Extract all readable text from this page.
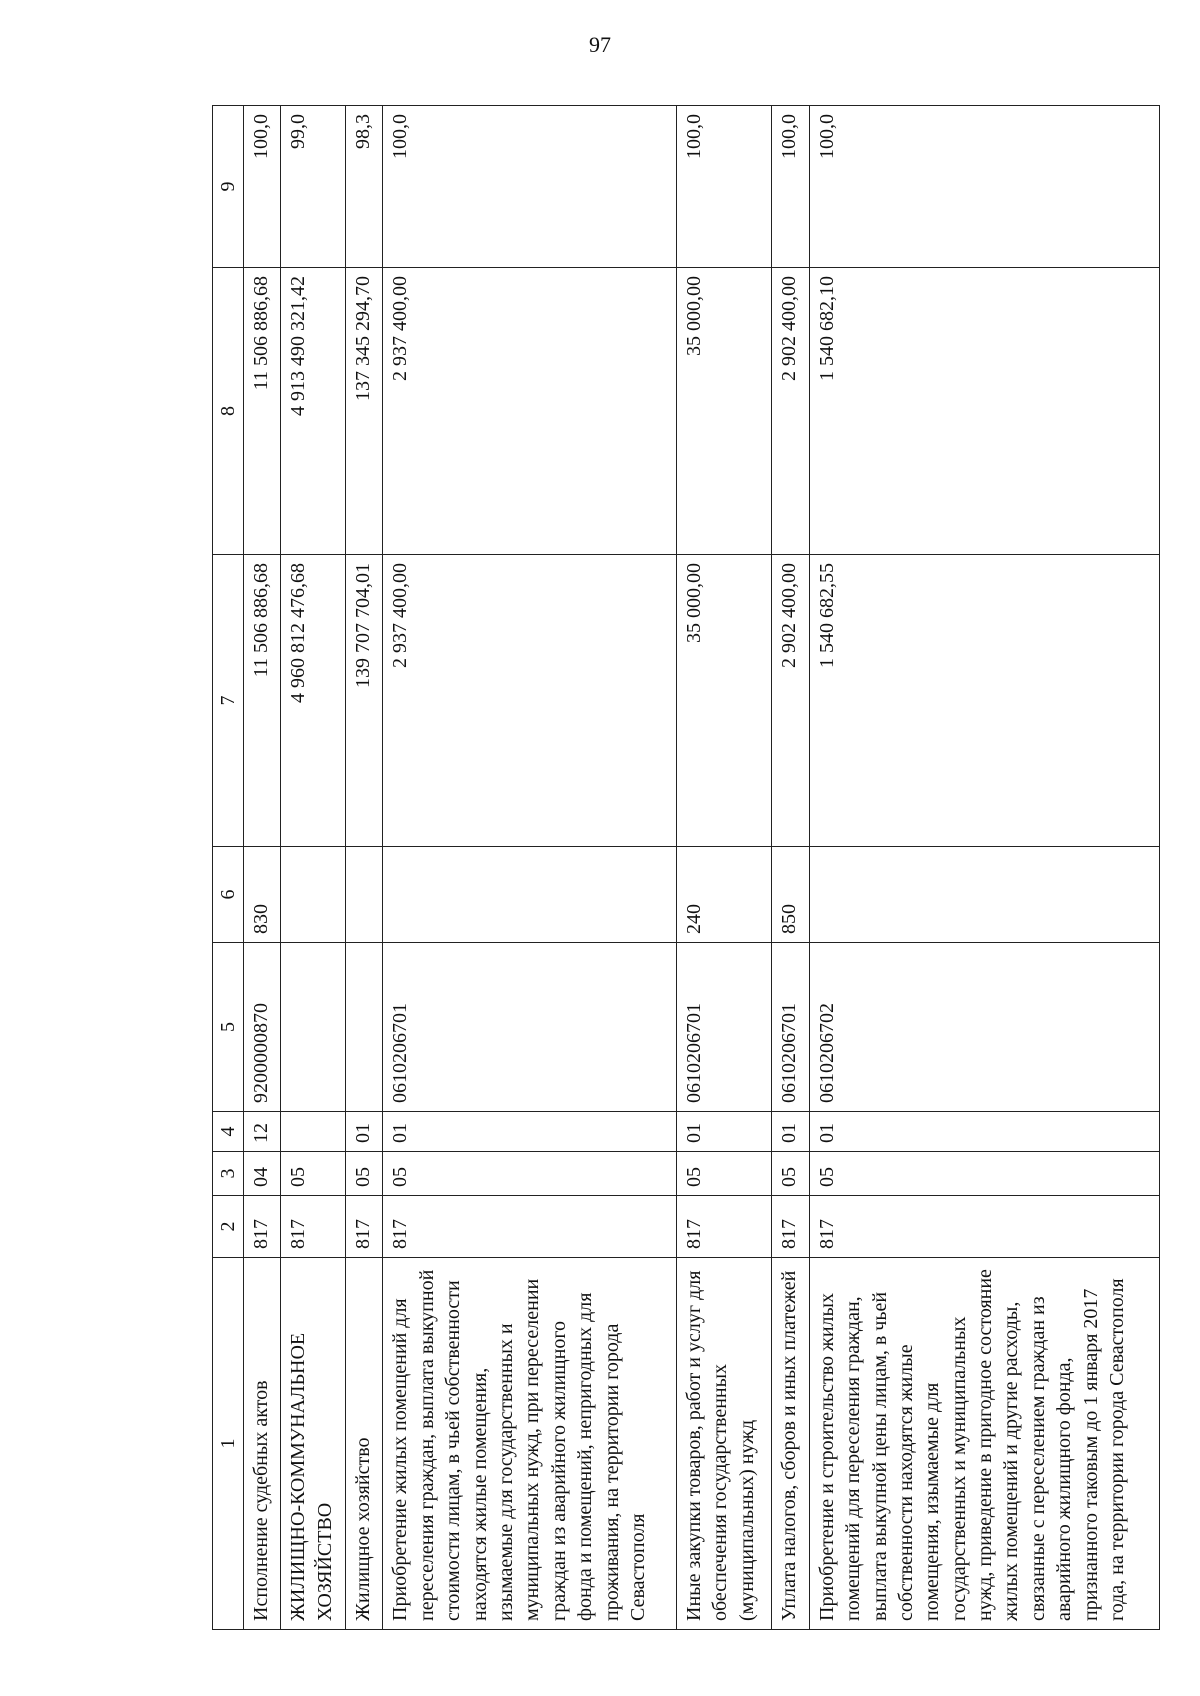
97
1	2	3	4	5	6	7	8	9
Исполнение судебных актов	817	04	12	9200000870	830	11 506 886,68	11 506 886,68	100,0
ЖИЛИЩНО-КОММУНАЛЬНОЕ ХОЗЯЙСТВО	817	05				4 960 812 476,68	4 913 490 321,42	99,0
Жилищное хозяйство	817	05	01			139 707 704,01	137 345 294,70	98,3
Приобретение жилых помещений для переселения граждан, выплата выкупной стоимости лицам, в чьей собственности находятся жилые помещения, изымаемые для государственных и муниципальных нужд, при переселении граждан из аварийного жилищного фонда и помещений, непригодных для проживания, на территории города Севастополя	817	05	01	0610206701		2 937 400,00	2 937 400,00	100,0
Иные закупки товаров, работ и услуг для обеспечения государственных (муниципальных) нужд	817	05	01	0610206701	240	35 000,00	35 000,00	100,0
Уплата налогов, сборов и иных платежей	817	05	01	0610206701	850	2 902 400,00	2 902 400,00	100,0
Приобретение и строительство жилых помещений для переселения граждан, выплата выкупной цены лицам, в чьей собственности находятся жилые помещения, изымаемые для государственных и муниципальных нужд, приведение в пригодное состояние жилых помещений и другие расходы, связанные с переселением граждан из аварийного жилищного фонда, признанного таковым до 1 января 2017 года, на территории города Севастополя	817	05	01	0610206702		1 540 682,55	1 540 682,10	100,0
